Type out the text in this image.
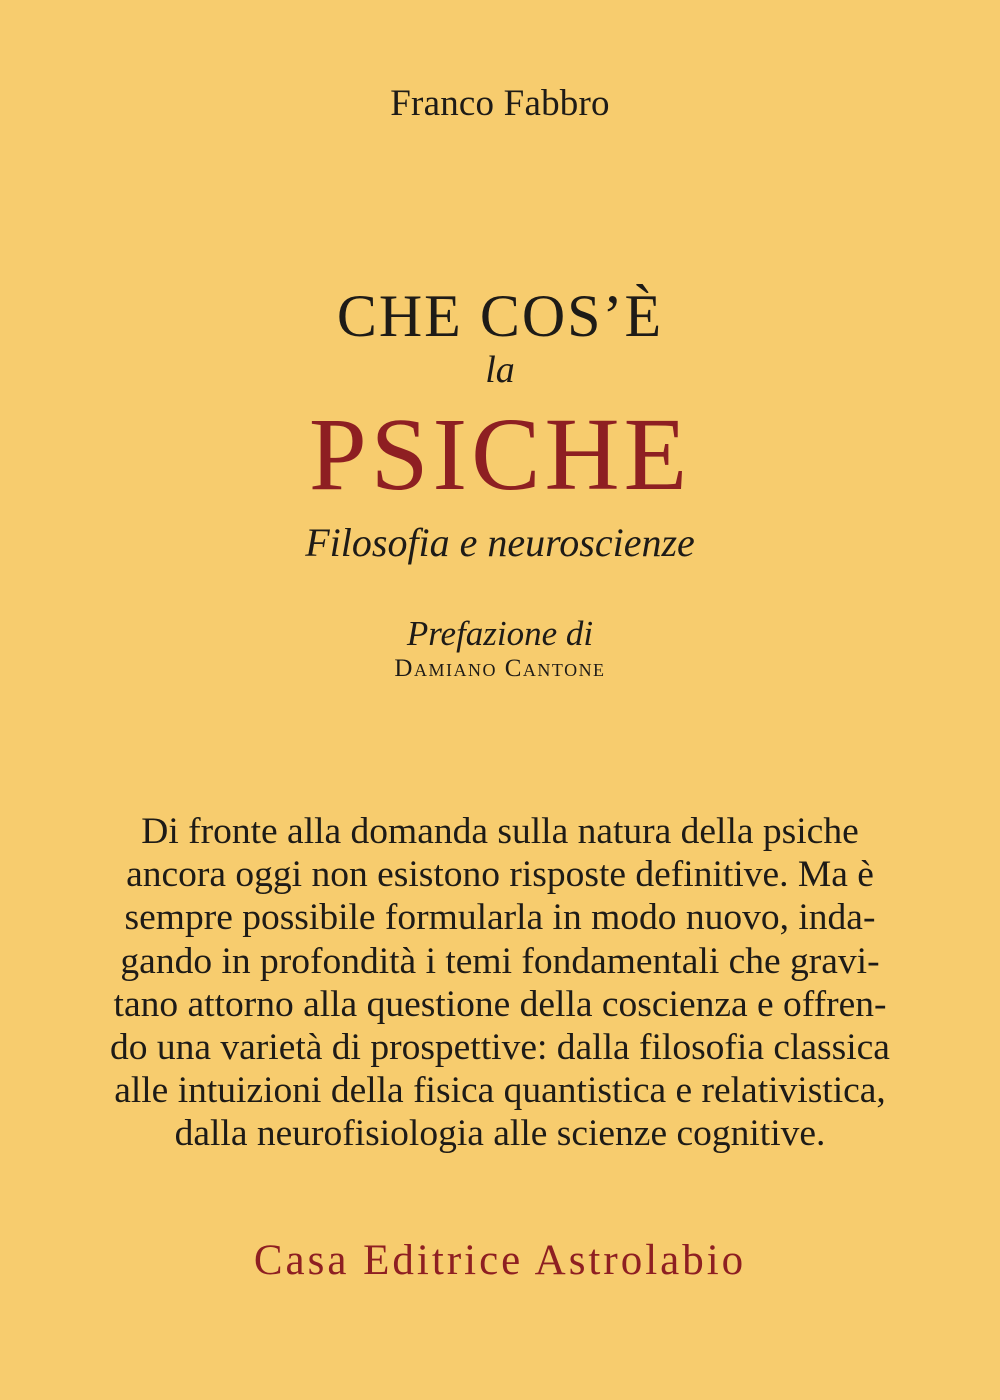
Franco Fabbro
CHE COS’È
la
PSICHE
Filosofia e neuroscienze
Prefazione di
Damiano Cantone
Di fronte alla domanda sulla natura della psiche
ancora oggi non esistono risposte definitive. Ma è
sempre possibile formularla in modo nuovo, inda-
gando in profondità i temi fondamentali che gravi-
tano attorno alla questione della coscienza e offren-
do una varietà di prospettive: dalla filosofia classica
alle intuizioni della fisica quantistica e relativistica,
dalla neurofisiologia alle scienze cognitive.
Casa Editrice Astrolabio
